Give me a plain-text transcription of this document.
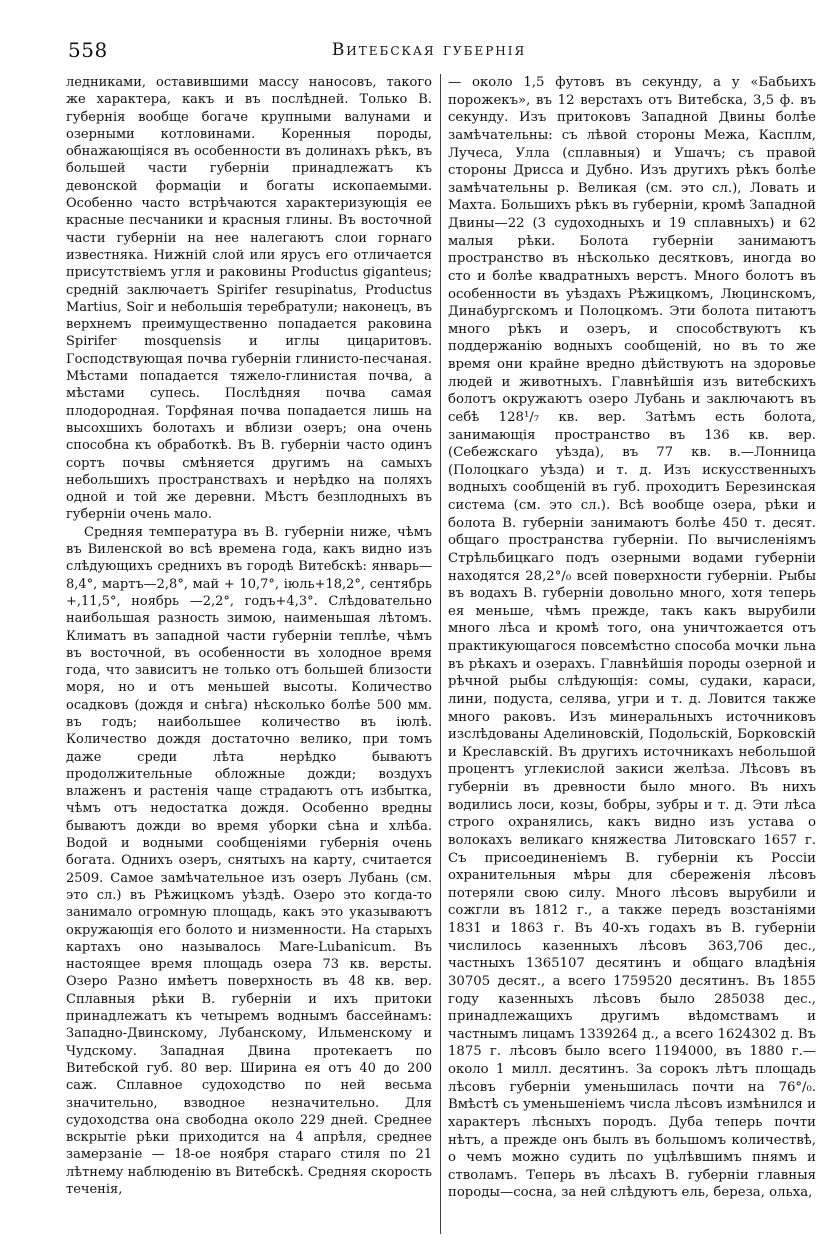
558	Витебская губернія

ледниками, оставившими массу наносовъ, такого же характера, какъ и въ послѣдней. Только В. губернія вообще богаче крупными валунами и озерными котловинами. Коренныя породы, обнажающіяся въ особенности въ долинахъ рѣкъ, въ большей части губерніи принадлежатъ къ девонской формаціи и богаты ископаемыми. Особенно часто встрѣчаются характеризующія ее красные песчаники и красныя глины. Въ восточной части губерніи на нее налегаютъ слои горнаго известняка. Нижній слой или ярусъ его отличается присутствіемъ угля и раковины Productus giganteus; средній заключаетъ Spirifer resupinatus, Productus Martius, Soir и небольшія теребратули; наконецъ, въ верхнемъ преимущественно попадается раковина Spirifer mosquensis и иглы цицаритовъ. Господствующая почва губерніи глинисто-песчаная. Мѣстами попадается тяжело-глинистая почва, а мѣстами супесь. Послѣдняя почва самая плодородная. Торфяная почва попадается лишь на высохшихъ болотахъ и вблизи озеръ; она очень способна къ обработкѣ. Въ В. губерніи часто одинъ сортъ почвы смѣняется другимъ на самыхъ небольшихъ пространствахъ и нерѣдко на поляхъ одной и той же деревни. Мѣстъ безплодныхъ въ губерніи очень мало.

Средняя температура въ В. губерніи ниже, чѣмъ въ Виленской во всѣ времена года, какъ видно изъ слѣдующихъ среднихъ въ городѣ Витебскѣ: январь—8,4°, мартъ—2,8°, май + 10,7°, іюль+18,2°, сентябрь +,11,5°, ноябрь —2,2°, годъ+4,3°. Слѣдовательно наибольшая разность зимою, наименьшая лѣтомъ. Климатъ въ западной части губерніи теплѣе, чѣмъ въ восточной, въ особенности въ холодное время года, что зависитъ не только отъ большей близости моря, но и отъ меньшей высоты. Количество осадковъ (дождя и снѣга) нѣсколько болѣе 500 мм. въ годъ; наибольшее количество въ іюлѣ. Количество дождя достаточно велико, при томъ даже среди лѣта нерѣдко бываютъ продолжительные обложные дожди; воздухъ влаженъ и растенія чаще страдаютъ отъ избытка, чѣмъ отъ недостатка дождя. Особенно вредны бываютъ дожди во время уборки сѣна и хлѣба. Водой и водными сообщеніями губернія очень богата. Однихъ озеръ, снятыхъ на карту, считается 2509. Самое замѣчательное изъ озеръ Лубань (см. это сл.) въ Рѣжицкомъ уѣздѣ. Озеро это когда-то занимало огромную площадь, какъ это указываютъ окружающія его болото и низменности. На старыхъ картахъ оно называлось Mare-Lubanicum. Въ настоящее время площадь озера 73 кв. версты. Озеро Разно имѣетъ поверхность въ 48 кв. вер. Сплавныя рѣки В. губерніи и ихъ притоки принадлежатъ къ четыремъ воднымъ бассейнамъ: Западно-Двинскому, Лубанскому, Ильменскому и Чудскому. Западная Двина протекаетъ по Витебской губ. 80 вер. Ширина ея отъ 40 до 200 саж. Сплавное судоходство по ней весьма значительно, взводное незначительно. Для судоходства она свободна около 229 дней. Среднее вскрытіе рѣки приходится на 4 апрѣля, среднее замерзаніе — 18-ое ноября стараго стиля по 21 лѣтнему наблюденію въ Витебскѣ. Средняя скорость теченія,

— около 1,5 футовъ въ секунду, а у «Бабьихъ порожекъ», въ 12 верстахъ отъ Витебска, 3,5 ф. въ секунду. Изъ притоковъ Западной Двины болѣе замѣчательны: съ лѣвой стороны Межа, Касплм, Лучеса, Улла (сплавныя) и Ушачъ; съ правой стороны Дрисса и Дубно. Изъ другихъ рѣкъ болѣе замѣчательны р. Великая (см. это сл.), Ловать и Махта. Большихъ рѣкъ въ губерніи, кромѣ Западной Двины—22 (3 судоходныхъ и 19 сплавныхъ) и 62 малыя рѣки. Болота губерніи занимаютъ пространство въ нѣсколько десятковъ, иногда во сто и болѣе квадратныхъ верстъ. Много болотъ въ особенности въ уѣздахъ Рѣжицкомъ, Люцинскомъ, Динабургскомъ и Полоцкомъ. Эти болота питаютъ много рѣкъ и озеръ, и способствуютъ къ поддержанію водныхъ сообщеній, но въ то же время они крайне вредно дѣйствуютъ на здоровье людей и животныхъ. Главнѣйшія изъ витебскихъ болотъ окружаютъ озеро Лубань и заключаютъ въ себѣ 128¹/₇ кв. вер. Затѣмъ есть болота, занимающія пространство въ 136 кв. вер. (Себежскаго уѣзда), въ 77 кв. в.—Лонница (Полоцкаго уѣзда) и т. д. Изъ искусственныхъ водныхъ сообщеній въ губ. проходитъ Березинская система (см. это сл.). Всѣ вообще озера, рѣки и болота В. губерніи занимаютъ болѣе 450 т. десят. общаго пространства губерніи. По вычисленіямъ Стрѣльбицкаго подъ озерными водами губерніи находятся 28,2°/₀ всей поверхности губерніи. Рыбы въ водахъ В. губерніи довольно много, хотя теперь ея меньше, чѣмъ прежде, такъ какъ вырубили много лѣса и кромѣ того, она уничтожается отъ практикующагося повсемѣстно способа мочки льна въ рѣкахъ и озерахъ. Главнѣйшія породы озерной и рѣчной рыбы слѣдующія: сомы, судаки, караси, лини, подуста, селява, угри и т. д. Ловится также много раковъ. Изъ минеральныхъ источниковъ изслѣдованы Аделиновскій, Подольскій, Борковскій и Креславскій. Въ другихъ источникахъ небольшой процентъ углекислой закиси желѣза. Лѣсовъ въ губерніи въ древности было много. Въ нихъ водились лоси, козы, бобры, зубры и т. д. Эти лѣса строго охранялись, какъ видно изъ устава о волокахъ великаго княжества Литовскаго 1657 г. Съ присоединеніемъ В. губерніи къ Россіи охранительныя мѣры для сбереженія лѣсовъ потеряли свою силу. Много лѣсовъ вырубили и сожгли въ 1812 г., а также передъ возстаніями 1831 и 1863 г. Въ 40-хъ годахъ въ В. губерніи числилось казенныхъ лѣсовъ 363,706 дес., частныхъ 1365107 десятинъ и общаго владѣнія 30705 десят., а всего 1759520 десятинъ. Въ 1855 году казенныхъ лѣсовъ было 285038 дес., принадлежащихъ другимъ вѣдомствамъ и частнымъ лицамъ 1339264 д., а всего 1624302 д. Въ 1875 г. лѣсовъ было всего 1194000, въ 1880 г.—около 1 милл. десятинъ. За сорокъ лѣтъ площадь лѣсовъ губерніи уменьшилась почти на 76°/₀. Вмѣстѣ съ уменьшеніемъ числа лѣсовъ измѣнился и характеръ лѣсныхъ породъ. Дуба теперь почти нѣтъ, а прежде онъ былъ въ большомъ количествѣ, о чемъ можно судить по уцѣлѣвшимъ пнямъ и стволамъ. Теперь въ лѣсахъ В. губерніи главныя породы—сосна, за ней слѣдуютъ ель, береза, ольха,
